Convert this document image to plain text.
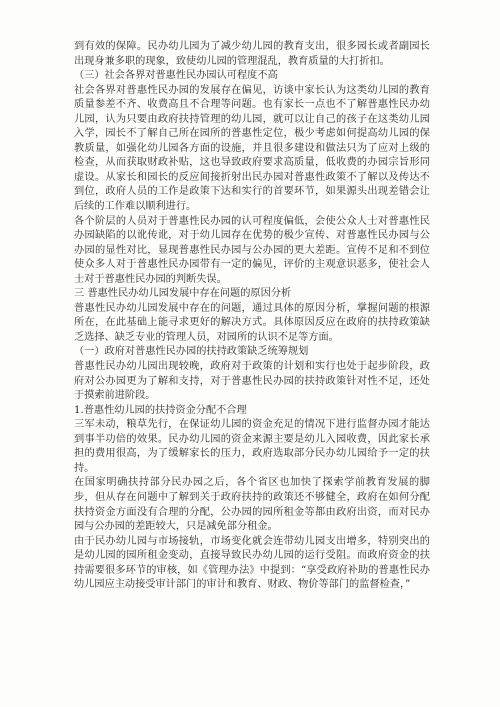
到有效的保障。民办幼儿园为了减少幼儿园的教育支出，很多园长或者副园长出现身兼多职的现象，致使幼儿园的管理混乱，教育质量的大打折扣。

（三）社会各界对普惠性民办园认可程度不高

社会各界对普惠性民办园的发展存在偏见，访谈中家长认为这类幼儿园的教育质量参差不齐、收费高且不合理等问题。也有家长一点也不了解普惠性民办幼儿园，认为只要由政府扶持管理的幼儿园，就可以让自己的孩子在这类幼儿园入学，园长不了解自己所在园所的普惠性定位，极少考虑如何提高幼儿园的保教质量，如强化幼儿园各方面的设施，并且很多建设和做法只为了应对上级的检查，从而获取财政补贴，这也导致政府要求高质量，低收费的办园宗旨形同虚设。从家长和园长的反应间接折射出民办园对普惠性政策不了解以及传达不到位，政府人员的工作是政策下达和实行的首要环节，如果源头出现差错会让后续的工作难以顺利进行。

各个阶层的人员对于普惠性民办园的认可程度偏低，会使公众人士对普惠性民办园缺陷的以讹传讹，对于幼儿园存在优势的极少宣传、对普惠性民办园与公办园的显性对比，显现普惠性民办园与公办园的更大差距。宣传不足和不到位使众多人对于普惠性民办园带有一定的偏见，评价的主观意识恶多，使社会人士对于普惠性民办园的判断失误。

三 普惠性民办幼儿园发展中存在问题的原因分析

普惠性民办幼儿园发展中存在的问题，通过具体的原因分析，掌握问题的根源所在，在此基础上能寻求更好的解决方式。具体原因反应在政府的扶持政策缺乏选择、缺乏专业的管理人员，对园所的认识不足等方面。

（一）政府对普惠性民办园的扶持政策缺乏统筹规划

普惠性民办幼儿园出现较晚，政府对于政策的计划和实行也处于起步阶段，政府对公办园更为了解和支持，对于普惠性民办园的扶持政策针对性不足，还处于摸索前进阶段。

1.普惠性幼儿园的扶持资金分配不合理

三军未动，粮草先行，在保证幼儿园的资金充足的情况下进行监督办园才能达到事半功倍的效果。民办幼儿园的资金来源主要是幼儿入园收费，因此家长承担的费用很高，为了缓解家长的压力，政府选取部分民办幼儿园给予一定的扶持。

在国家明确扶持部分民办园之后，各个省区也加快了探索学前教育发展的脚步，但从存在问题中了解到关于政府扶持的政策还不够健全，政府在如何分配扶持资金方面没有合理的分配，公办园的园所租金等都由政府出资，而对民办园与公办园的差距较大，只是减免部分租金。

由于民办幼儿园与市场接轨，市场变化就会连带幼儿园支出增多，特别突出的是幼儿园的园所租金变动，直接导致民办幼儿园的运行受阻。而政府资金的扶持需要很多环节的审核，如《管理办法》中提到：“享受政府补助的普惠性民办幼儿园应主动接受审计部门的审计和教育、财政、物价等部门的监督检查，”
